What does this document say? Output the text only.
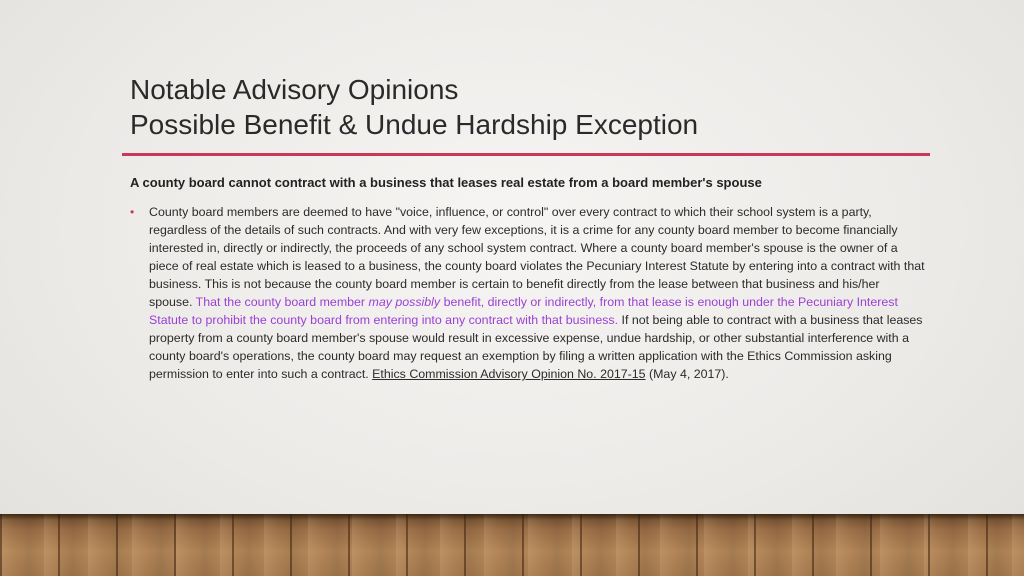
Notable Advisory Opinions
Possible Benefit & Undue Hardship Exception
A county board cannot contract with a business that leases real estate from a board member's spouse
• County board members are deemed to have "voice, influence, or control" over every contract to which their school system is a party, regardless of the details of such contracts. And with very few exceptions, it is a crime for any county board member to become financially interested in, directly or indirectly, the proceeds of any school system contract. Where a county board member's spouse is the owner of a piece of real estate which is leased to a business, the county board violates the Pecuniary Interest Statute by entering into a contract with that business. This is not because the county board member is certain to benefit directly from the lease between that business and his/her spouse. That the county board member may possibly benefit, directly or indirectly, from that lease is enough under the Pecuniary Interest Statute to prohibit the county board from entering into any contract with that business. If not being able to contract with a business that leases property from a county board member's spouse would result in excessive expense, undue hardship, or other substantial interference with a county board's operations, the county board may request an exemption by filing a written application with the Ethics Commission asking permission to enter into such a contract. Ethics Commission Advisory Opinion No. 2017-15 (May 4, 2017).
